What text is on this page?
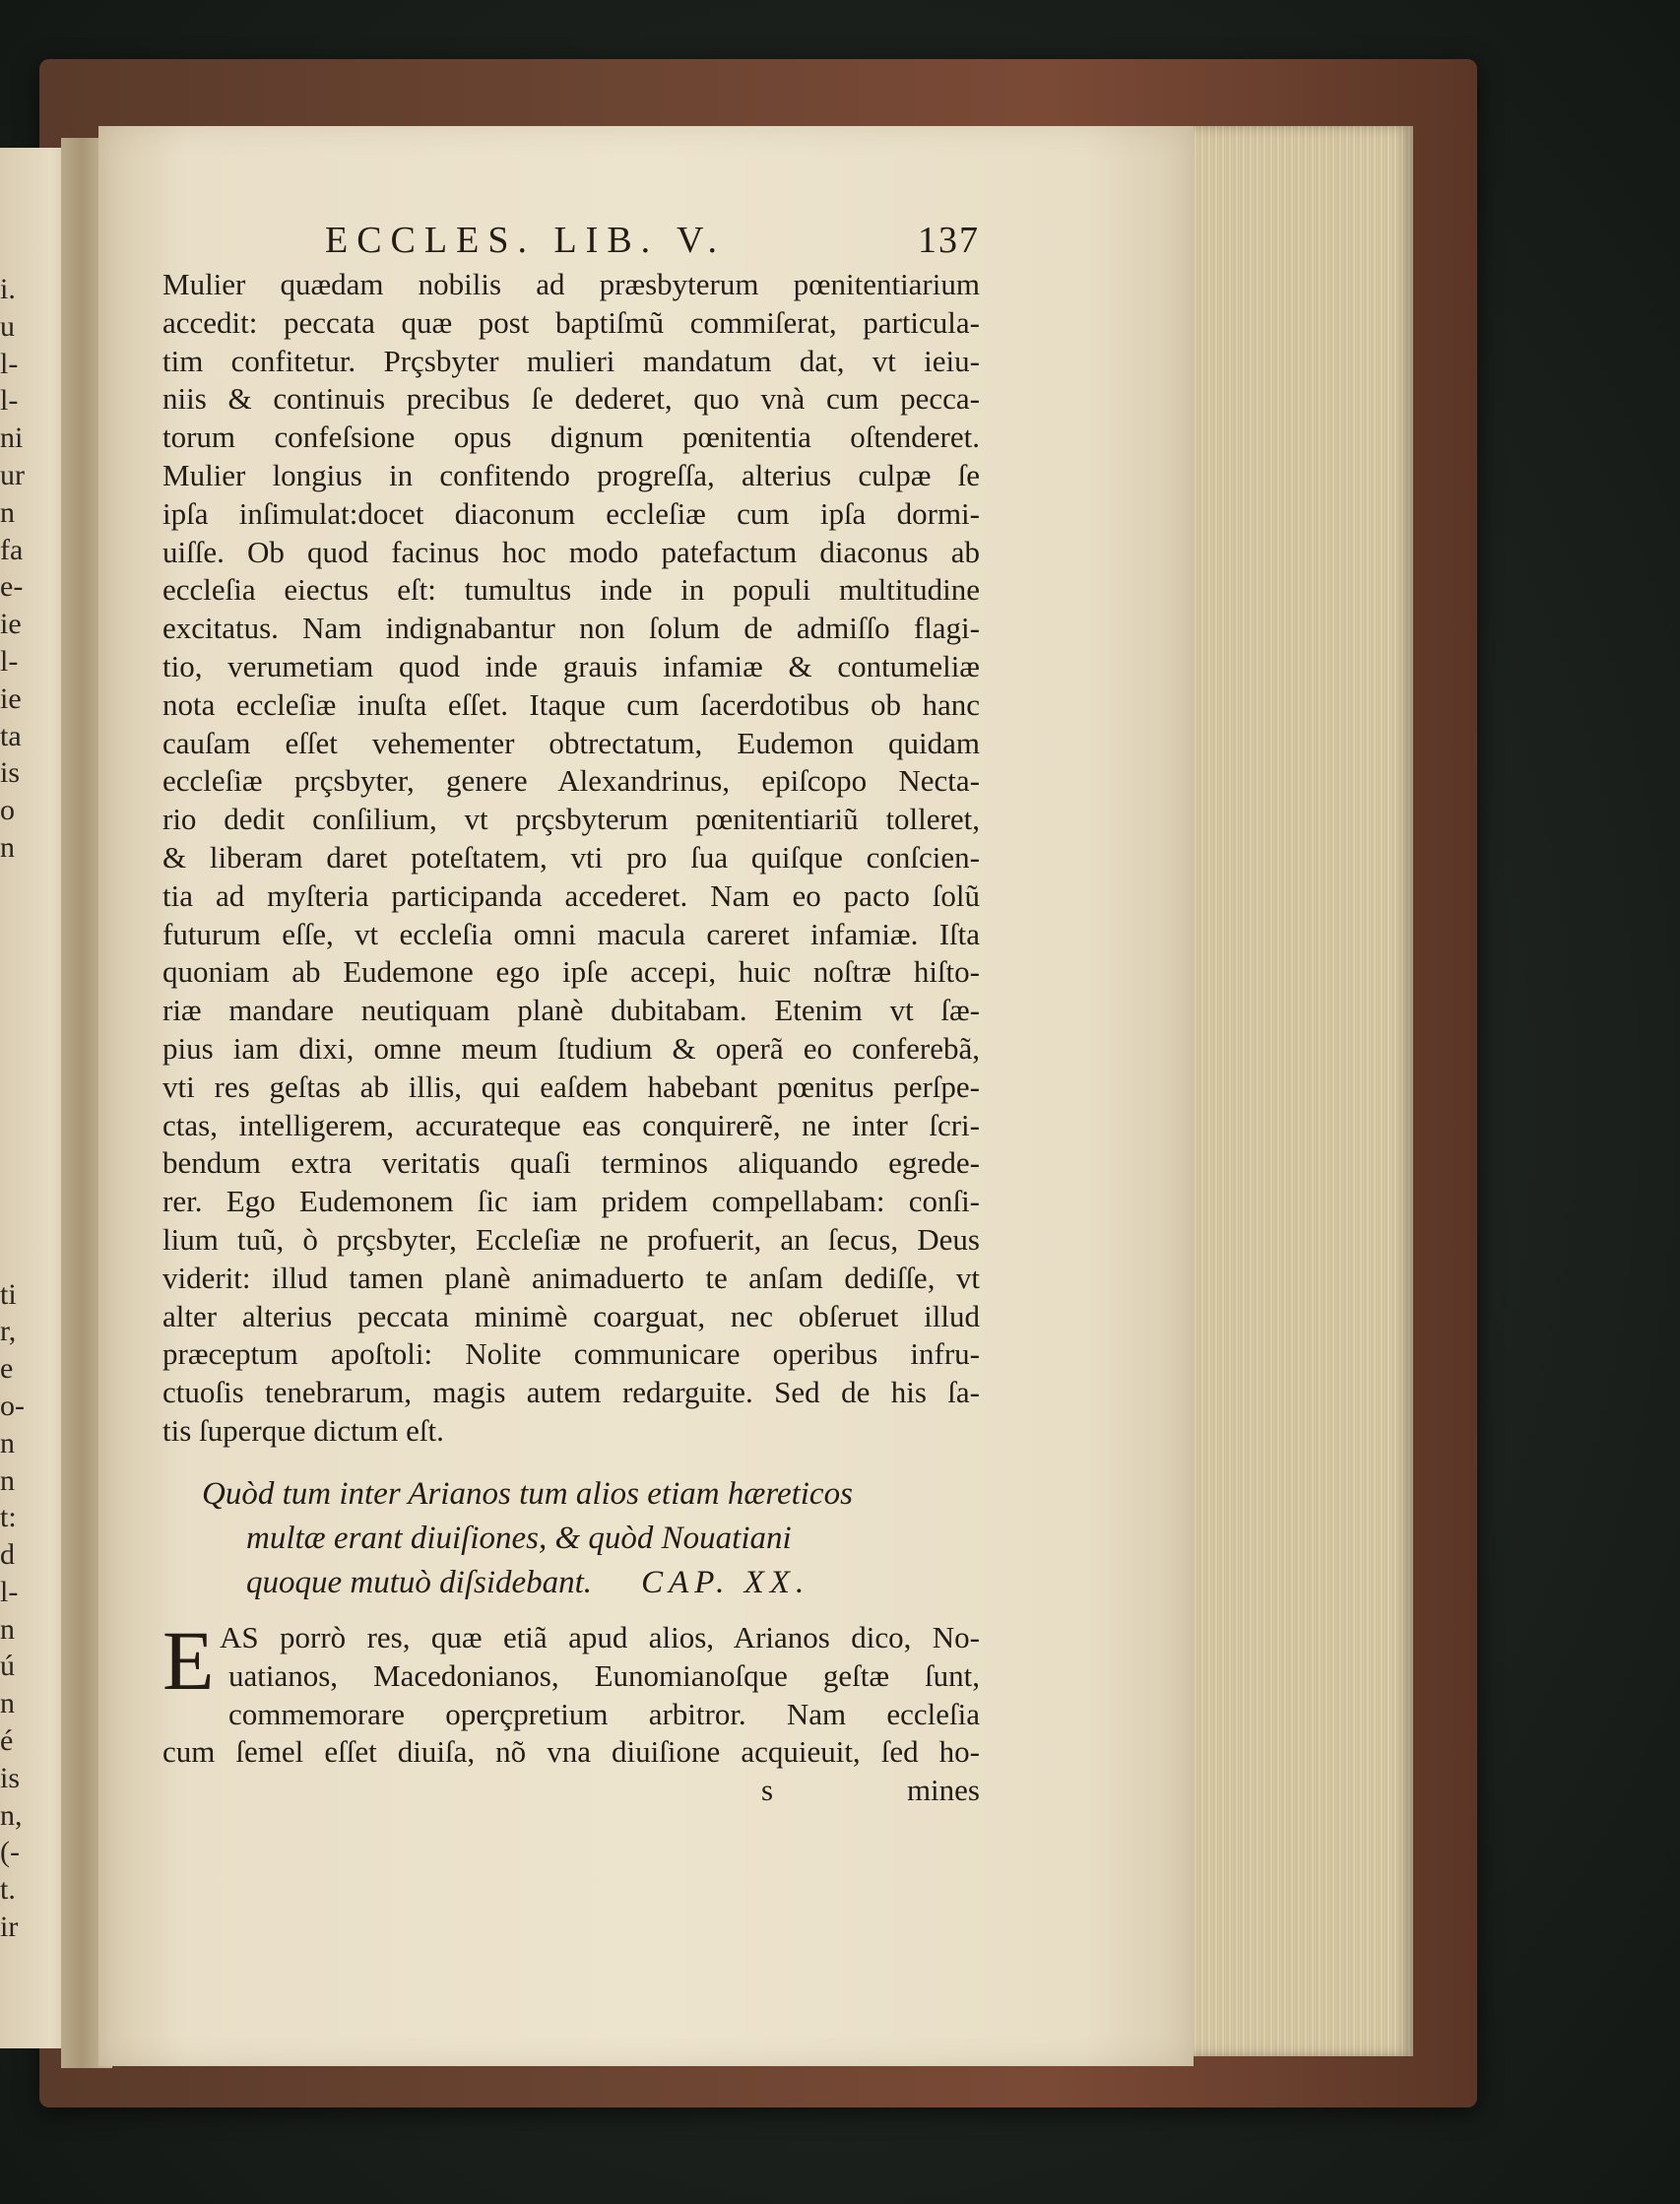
i.
u
l-
l-
ni
ur
n
fa
e-
ie
l-
ie
ta
is
o
n
ti
r,
e
o-
n
n
t:
d
l-
n
ú
n
é
is
n,
(-
t.
ir
ECCLES. LIB. V.	137
Mulier quædam nobilis ad præsbyterum pœnitentiarium
accedit: peccata quæ post baptiſmũ commiſerat, particula-
tim confitetur. Prçsbyter mulieri mandatum dat, vt ieiu-
niis & continuis precibus ſe dederet, quo vnà cum pecca-
torum confeſsione opus dignum pœnitentia oſtenderet.
Mulier longius in confitendo progreſſa, alterius culpæ ſe
ipſa inſimulat:docet diaconum eccleſiæ cum ipſa dormi-
uiſſe. Ob quod facinus hoc modo patefactum diaconus ab
eccleſia eiectus eſt: tumultus inde in populi multitudine
excitatus. Nam indignabantur non ſolum de admiſſo flagi-
tio, verumetiam quod inde grauis infamiæ & contumeliæ
nota eccleſiæ inuſta eſſet. Itaque cum ſacerdotibus ob hanc
cauſam eſſet vehementer obtrectatum, Eudemon quidam
eccleſiæ prçsbyter, genere Alexandrinus, epiſcopo Necta-
rio dedit conſilium, vt prçsbyterum pœnitentiariũ tolleret,
& liberam daret poteſtatem, vti pro ſua quiſque conſcien-
tia ad myſteria participanda accederet. Nam eo pacto ſolũ
futurum eſſe, vt eccleſia omni macula careret infamiæ. Iſta
quoniam ab Eudemone ego ipſe accepi, huic noſtræ hiſto-
riæ mandare neutiquam planè dubitabam. Etenim vt ſæ-
pius iam dixi, omne meum ſtudium & operã eo conferebã,
vti res geſtas ab illis, qui eaſdem habebant pœnitus perſpe-
ctas, intelligerem, accurateque eas conquirerẽ, ne inter ſcri-
bendum extra veritatis quaſi terminos aliquando egrede-
rer. Ego Eudemonem ſic iam pridem compellabam: conſi-
lium tuũ, ò prçsbyter, Eccleſiæ ne profuerit, an ſecus, Deus
viderit: illud tamen planè animaduerto te anſam dediſſe, vt
alter alterius peccata minimè coarguat, nec obſeruet illud
præceptum apoſtoli: Nolite communicare operibus infru-
ctuoſis tenebrarum, magis autem redarguite. Sed de his ſa-
tis ſuperque dictum eſt.
Quòd tum inter Arianos tum alios etiam hæreticos
multæ erant diuiſiones, & quòd Nouatiani
quoque mutuò diſsidebant. CAP. XX.
E AS porrò res, quæ etiã apud alios, Arianos dico, No-
uatianos, Macedonianos, Eunomianoſque geſtæ ſunt,
commemorare operçpretium arbitror. Nam eccleſia
cum ſemel eſſet diuiſa, nõ vna diuiſione acquieuit, ſed ho-
s	mines
